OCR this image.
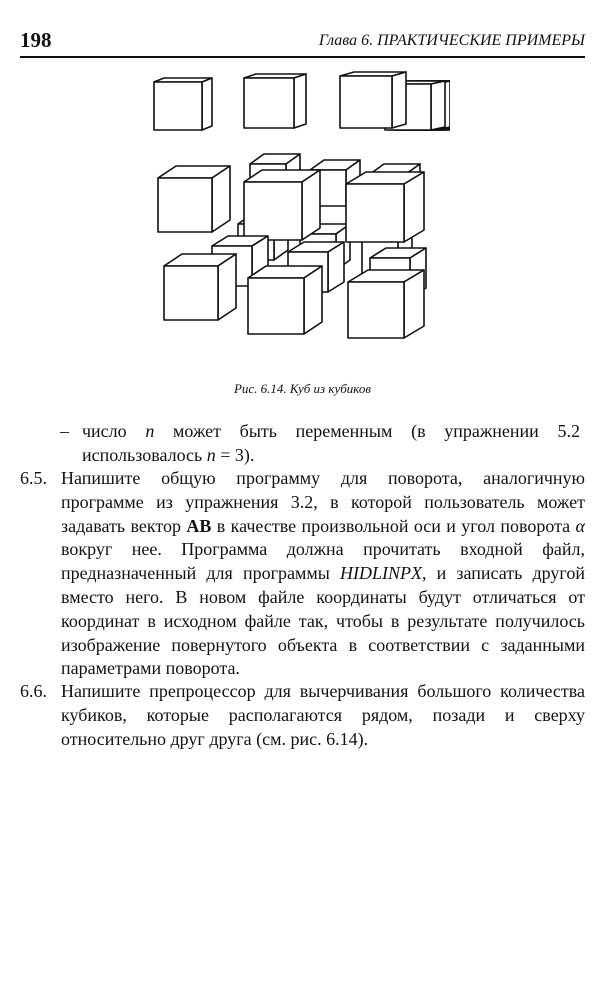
198	Глава 6. ПРАКТИЧЕСКИЕ ПРИМЕРЫ
Рис. 6.14. Куб из кубиков
– число n может быть переменным (в упражнении 5.2 использовалось n = 3).
6.5. Напишите общую программу для поворота, аналогичную программе из упражнения 3.2, в которой пользователь может задавать вектор AB в качестве произвольной оси и угол поворота α вокруг нее. Программа должна прочитать входной файл, предназначенный для программы HIDLINPX, и записать другой вместо него. В новом файле координаты будут отличаться от координат в исходном файле так, чтобы в результате получилось изображение повернутого объекта в соответствии с заданными параметрами поворота.
6.6. Напишите препроцессор для вычерчивания большого количества кубиков, которые располагаются рядом, позади и сверху относительно друг друга (см. рис. 6.14).
